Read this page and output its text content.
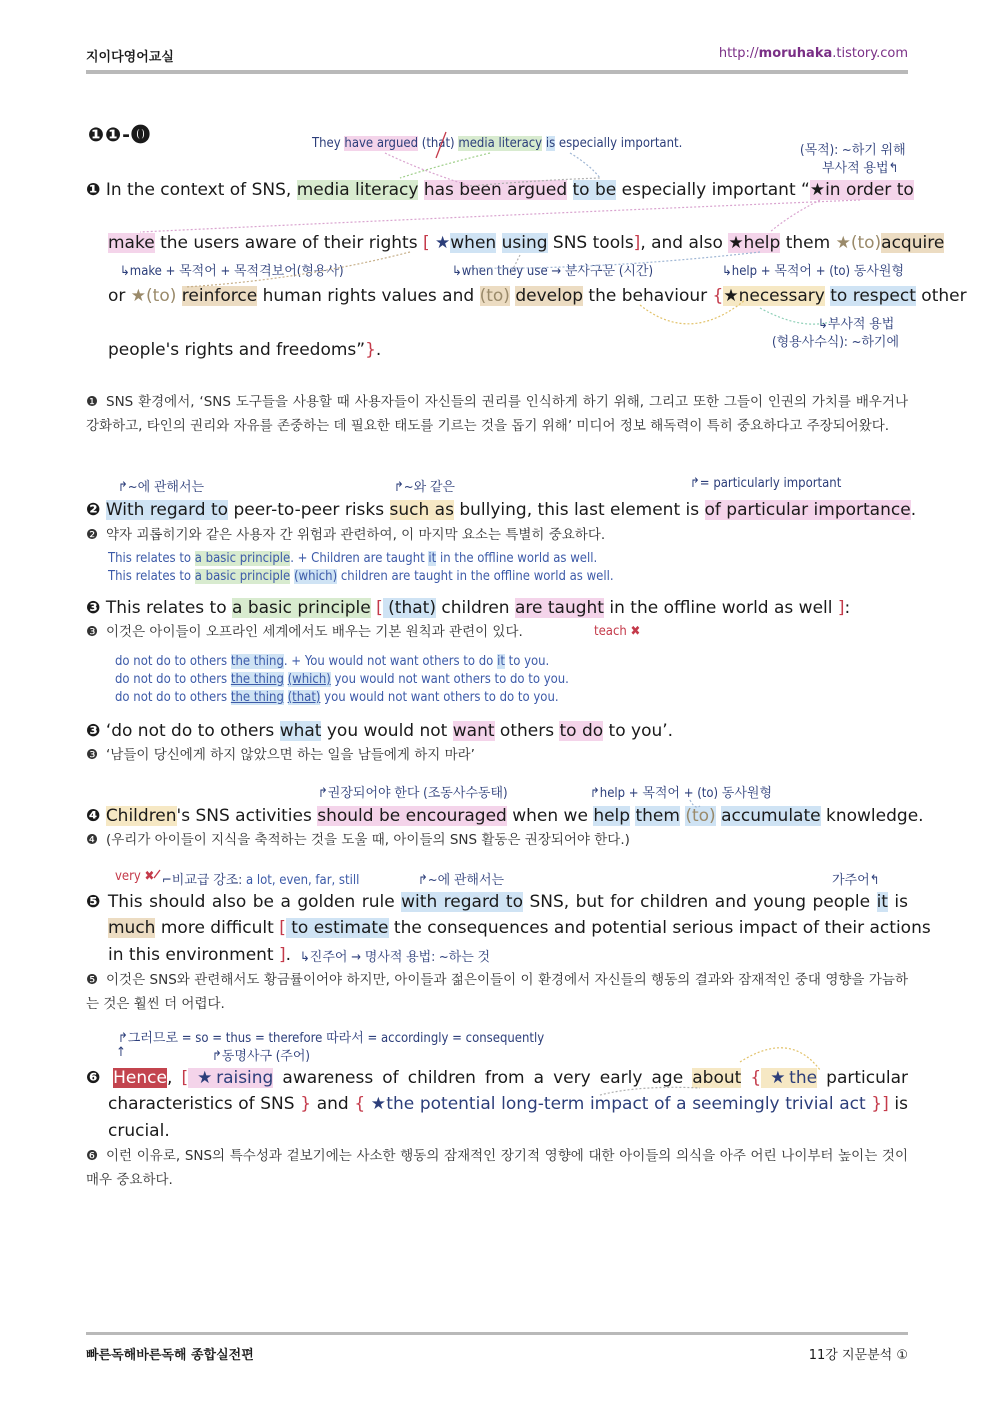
지이다영어교실	http://moruhaka.tistory.com
❶❶-⓿	They have argued (that) media literacy is especially important.	(목적): ~하기 위해
부사적 용법↰
❶ In the context of SNS, media literacy has been argued to be especially important “★in order to
make the users aware of their rights [ ★when using SNS tools], and also ★help them ★(to)acquire
↳make + 목적어 + 목적격보어(형용사)	↳when they use → 분사구문 (시간)	↳help + 목적어 + (to) 동사원형
or ★(to) reinforce human rights values and (to) develop the behaviour {★necessary to respect other
↳부사적 용법
(형용사수식): ~하기에
people's rights and freedoms”}.
❶ SNS 환경에서, ‘SNS 도구들을 사용할 때 사용자들이 자신들의 권리를 인식하게 하기 위해, 그리고 또한 그들이 인권의 가치를 배우거나 강화하고, 타인의 권리와 자유를 존중하는 데 필요한 태도를 기르는 것을 돕기 위해’ 미디어 정보 해독력이 특히 중요하다고 주장되어왔다.
↱~에 관해서는	↱~와 같은	↱= particularly important
❷ With regard to peer-to-peer risks such as bullying, this last element is of particular importance.
❷ 약자 괴롭히기와 같은 사용자 간 위험과 관련하여, 이 마지막 요소는 특별히 중요하다.
This relates to a basic principle. + Children are taught it in the offline world as well.
This relates to a basic principle (which) children are taught in the offline world as well.
❸ This relates to a basic principle [ (that) children are taught in the offline world as well ]:
❸ 이것은 아이들이 오프라인 세계에서도 배우는 기본 원칙과 관련이 있다.	teach ✖
do not do to others the thing. + You would not want others to do it to you.
do not do to others the thing (which) you would not want others to do to you.
do not do to others the thing (that) you would not want others to do to you.
❸ ‘do not do to others what you would not want others to do to you’.
❸ ‘남들이 당신에게 하지 않았으면 하는 일을 남들에게 하지 마라’
↱권장되어야 한다 (조동사수동태)	↱help + 목적어 + (to) 동사원형
❹ Children's SNS activities should be encouraged when we help them (to) accumulate knowledge.
❹ (우리가 아이들이 지식을 축적하는 것을 도울 때, 아이들의 SNS 활동은 권장되어야 한다.)
very ✖ ⌐비교급 강조: a lot, even, far, still	↱~에 관해서는	가주어↰
❺ This should also be a golden rule with regard to SNS, but for children and young people it is
much more difficult [ to estimate the consequences and potential serious impact of their actions
in this environment ]. ↳진주어 → 명사적 용법: ~하는 것
❺ 이것은 SNS와 관련해서도 황금률이어야 하지만, 아이들과 젊은이들이 이 환경에서 자신들의 행동의 결과와 잠재적인 중대 영향을 가늠하는 것은 훨씬 더 어렵다.
↱그러므로 = so = thus = therefore 따라서 = accordingly = consequently
↑	↱동명사구 (주어)
❻ Hence, [ ★raising awareness of children from a very early age about { ★the particular
characteristics of SNS } and { ★the potential long-term impact of a seemingly trivial act }] is
crucial.
❻ 이런 이유로, SNS의 특수성과 겉보기에는 사소한 행동의 잠재적인 장기적 영향에 대한 아이들의 의식을 아주 어린 나이부터 높이는 것이 매우 중요하다.
빠른독해바른독해 종합실전편	11강 지문분석 ①
